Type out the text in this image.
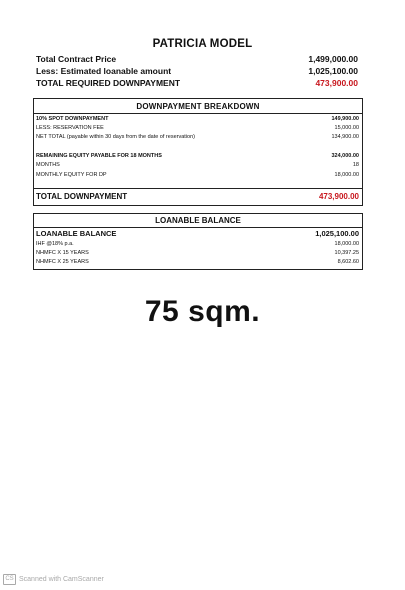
PATRICIA MODEL
Total Contract Price	1,499,000.00
Less: Estimated loanable amount	1,025,100.00
TOTAL REQUIRED DOWNPAYMENT	473,900.00
DOWNPAYMENT BREAKDOWN
10% SPOT DOWNPAYMENT	149,900.00
LESS: RESERVATION FEE	15,000.00
NET TOTAL (payable within 30 days from the date of reservation)	134,900.00
REMAINING EQUITY PAYABLE FOR 18 MONTHS	324,000.00
MONTHS	18
MONTHLY EQUITY FOR DP	18,000.00
TOTAL DOWNPAYMENT	473,900.00
LOANABLE BALANCE
LOANABLE BALANCE	1,025,100.00
IHF @18% p.a.	18,000.00
NHMFC X 15 YEARS	10,397.25
NHMFC X 25 YEARS	8,602.60
75 sqm.
CS Scanned with CamScanner
